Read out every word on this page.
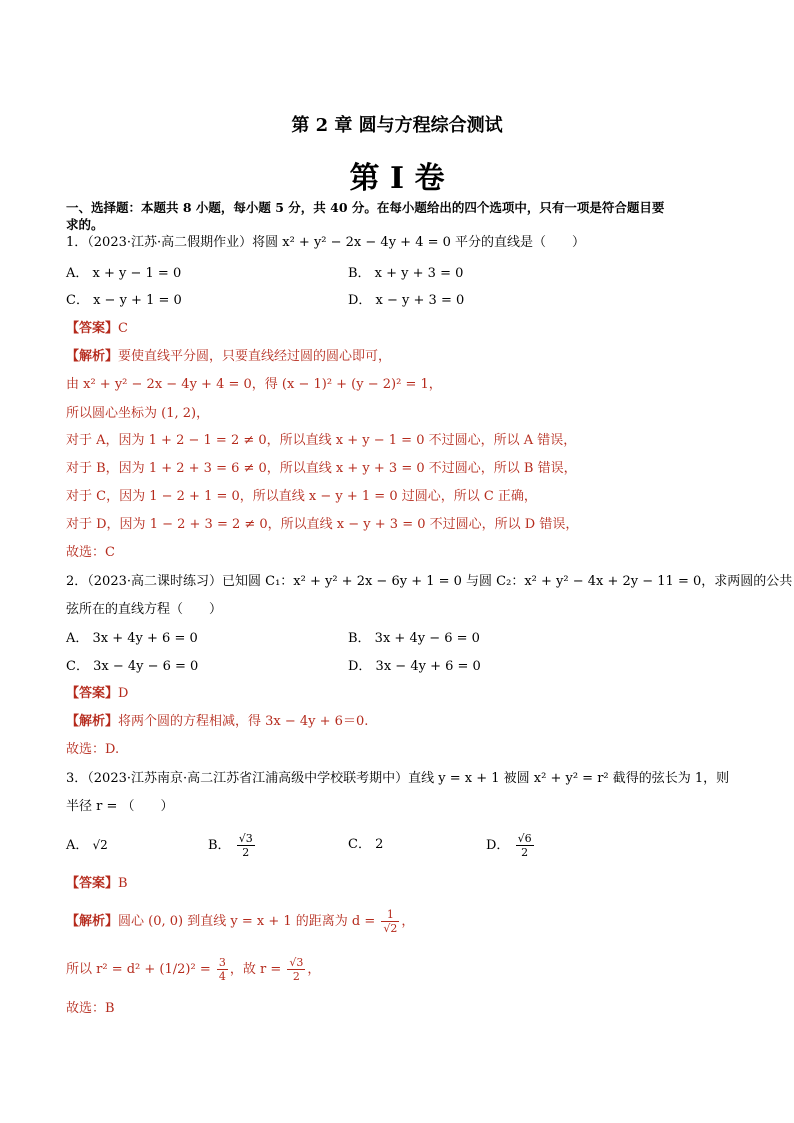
第 2 章 圆与方程综合测试
第 I 卷
一、选择题：本题共 8 小题，每小题 5 分，共 40 分。在每小题给出的四个选项中，只有一项是符合题目要
求的。
1．（2023·江苏·高二假期作业）将圆 x² + y² − 2x − 4y + 4 = 0 平分的直线是（　　）
A． x + y − 1 = 0	B． x + y + 3 = 0
C． x − y + 1 = 0	D． x − y + 3 = 0
【答案】C
【解析】要使直线平分圆，只要直线经过圆的圆心即可，
由 x² + y² − 2x − 4y + 4 = 0，得 (x − 1)² + (y − 2)² = 1，
所以圆心坐标为 (1, 2)，
对于 A，因为 1 + 2 − 1 = 2 ≠ 0，所以直线 x + y − 1 = 0 不过圆心，所以 A 错误，
对于 B，因为 1 + 2 + 3 = 6 ≠ 0，所以直线 x + y + 3 = 0 不过圆心，所以 B 错误，
对于 C，因为 1 − 2 + 1 = 0，所以直线 x − y + 1 = 0 过圆心，所以 C 正确，
对于 D，因为 1 − 2 + 3 = 2 ≠ 0，所以直线 x − y + 3 = 0 不过圆心，所以 D 错误，
故选：C
2．（2023·高二课时练习）已知圆 C₁：x² + y² + 2x − 6y + 1 = 0 与圆 C₂：x² + y² − 4x + 2y − 11 = 0，求两圆的公共
弦所在的直线方程（　　）
A． 3x + 4y + 6 = 0	B． 3x + 4y − 6 = 0
C． 3x − 4y − 6 = 0	D． 3x − 4y + 6 = 0
【答案】D
【解析】将两个圆的方程相减，得 3x − 4y + 6＝0.
故选：D.
3．（2023·江苏南京·高二江苏省江浦高级中学校联考期中）直线 y = x + 1 被圆 x² + y² = r² 截得的弦长为 1，则
半径 r = （　　）
A． √2	B． $\frac{√3}{2}$	C． 2	D． $\frac{√6}{2}$
【答案】B
【解析】圆心 (0, 0) 到直线 y = x + 1 的距离为 $d = \frac{1}{√2}$ ，
所以 $r^2 = d^2 + (1/2)^2 = \frac{3}{4}$ ，故 $r = \frac{√3}{2}$ ，
故选：B
